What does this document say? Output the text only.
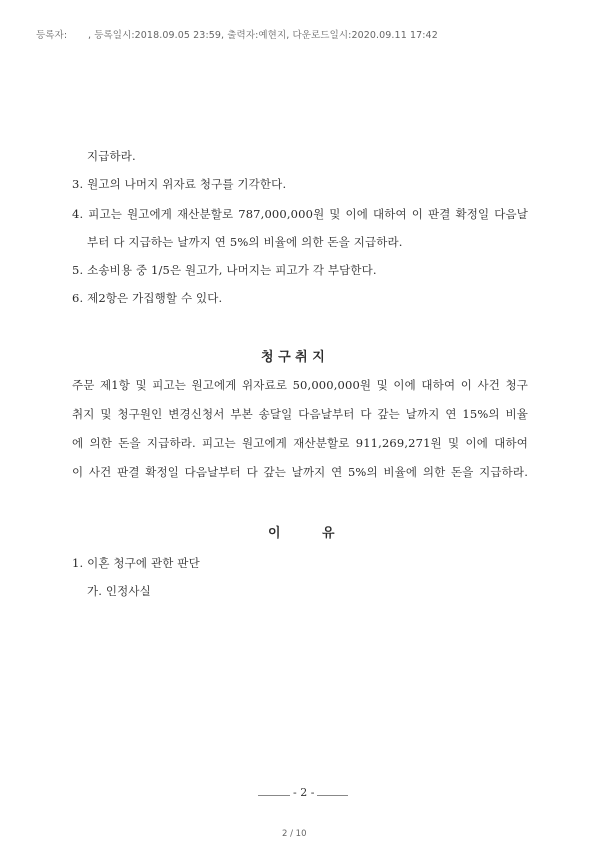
등록자: , 등록일시:2018.09.05 23:59, 출력자:예현지, 다운로드일시:2020.09.11 17:42
지급하라.
3. 원고의 나머지 위자료 청구를 기각한다.
4. 피고는 원고에게 재산분할로 787,000,000원 및 이에 대하여 이 판결 확정일 다음날
부터 다 지급하는 날까지 연 5%의 비율에 의한 돈을 지급하라.
5. 소송비용 중 1/5은 원고가, 나머지는 피고가 각 부담한다.
6. 제2항은 가집행할 수 있다.
청 구 취 지
주문 제1항 및 피고는 원고에게 위자료로 50,000,000원 및 이에 대하여 이 사건 청구
취지 및 청구원인 변경신청서 부본 송달일 다음날부터 다 갚는 날까지 연 15%의 비율
에 의한 돈을 지급하라. 피고는 원고에게 재산분할로 911,269,271원 및 이에 대하여
이 사건 판결 확정일 다음날부터 다 갚는 날까지 연 5%의 비율에 의한 돈을 지급하라.
이	유
1. 이혼 청구에 관한 판단
가. 인정사실
- 2 -
2 / 10
